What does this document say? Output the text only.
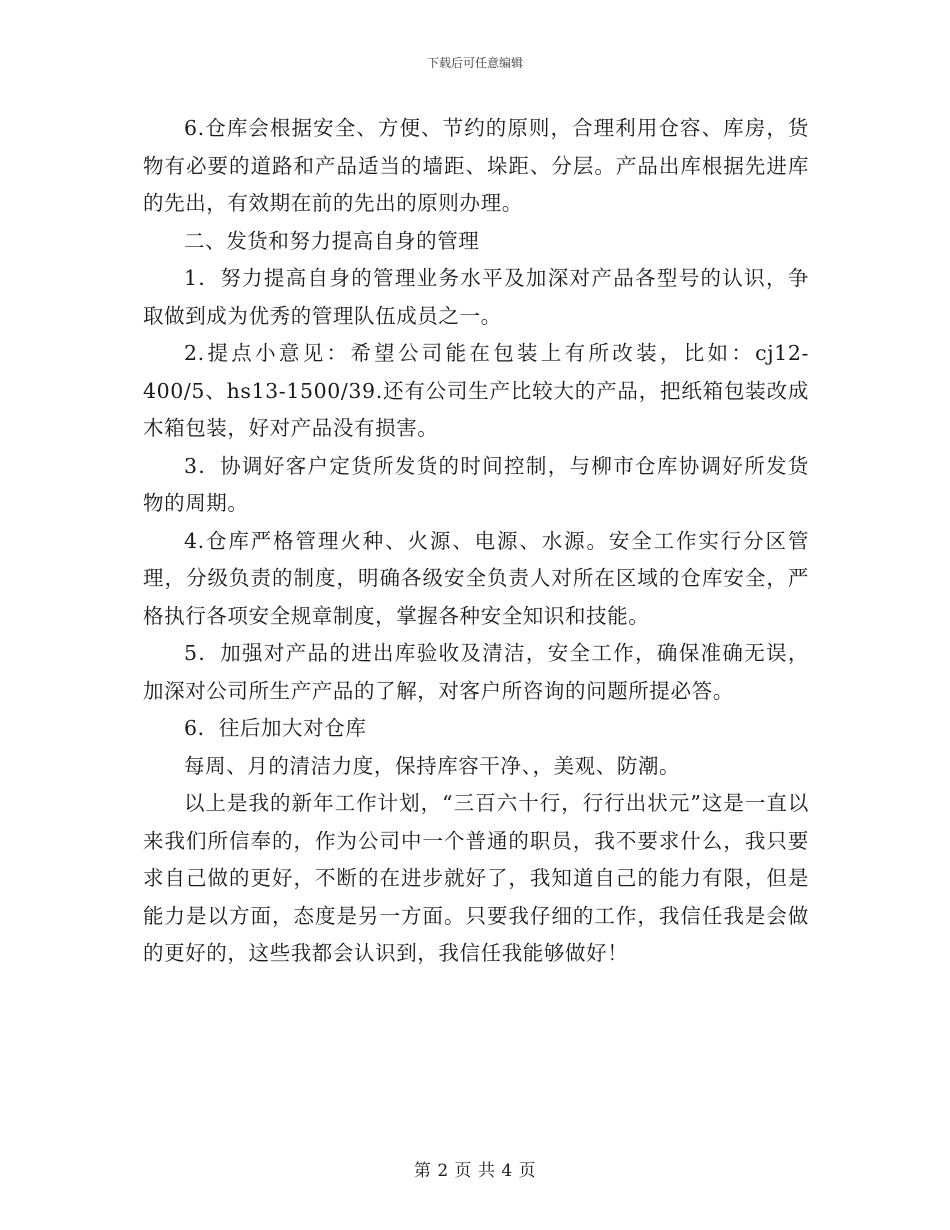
下载后可任意编辑

6.仓库会根据安全、方便、节约的原则，合理利用仓容、库房，货物有必要的道路和产品适当的墙距、垛距、分层。产品出库根据先进库的先出，有效期在前的先出的原则办理。

二、发货和努力提高自身的管理

1．努力提高自身的管理业务水平及加深对产品各型号的认识，争取做到成为优秀的管理队伍成员之一。

2.提点小意见：希望公司能在包装上有所改装，比如：cj12-400/5、hs13-1500/39.还有公司生产比较大的产品，把纸箱包装改成木箱包装，好对产品没有损害。

3．协调好客户定货所发货的时间控制，与柳市仓库协调好所发货物的周期。

4.仓库严格管理火种、火源、电源、水源。安全工作实行分区管理，分级负责的制度，明确各级安全负责人对所在区域的仓库安全，严格执行各项安全规章制度，掌握各种安全知识和技能。

5．加强对产品的进出库验收及清洁，安全工作，确保准确无误，加深对公司所生产产品的了解，对客户所咨询的问题所提必答。

6．往后加大对仓库

每周、月的清洁力度，保持库容干净、，美观、防潮。

以上是我的新年工作计划，“三百六十行，行行出状元”这是一直以来我们所信奉的，作为公司中一个普通的职员，我不要求什么，我只要求自己做的更好，不断的在进步就好了，我知道自己的能力有限，但是能力是以方面，态度是另一方面。只要我仔细的工作，我信任我是会做的更好的，这些我都会认识到，我信任我能够做好！

第 2 页 共 4 页
